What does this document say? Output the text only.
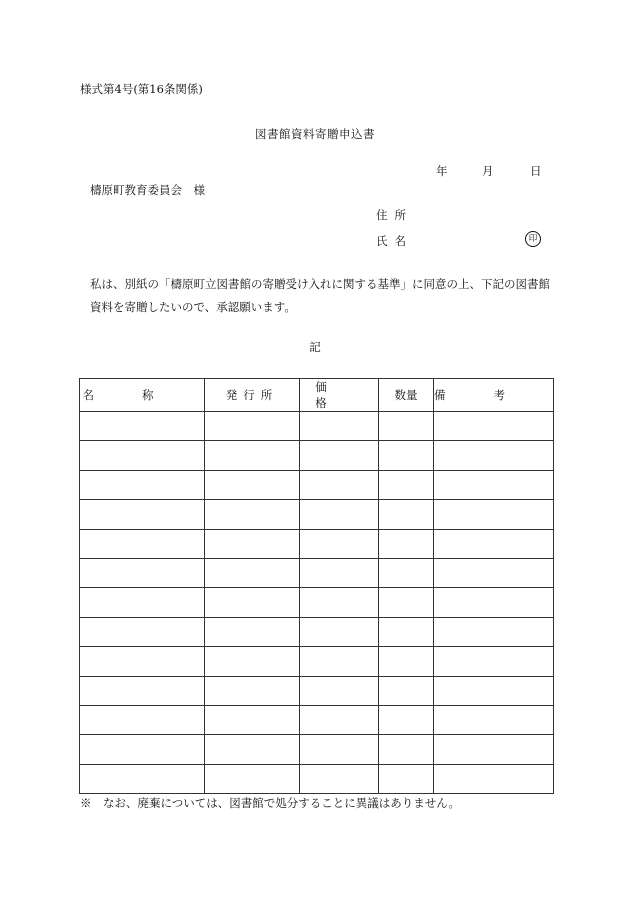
様式第4号(第16条関係)
図書館資料寄贈申込書
年	月	日
檮原町教育委員会　様
住所
氏名	印
私は、別紙の「檮原町立図書館の寄贈受け入れに関する基準」に同意の上、下記の図書館資料を寄贈したいので、承認願います。
記
名称	発行所	価格	数量	備考

※　なお、廃棄については、図書館で処分することに異議はありません。
